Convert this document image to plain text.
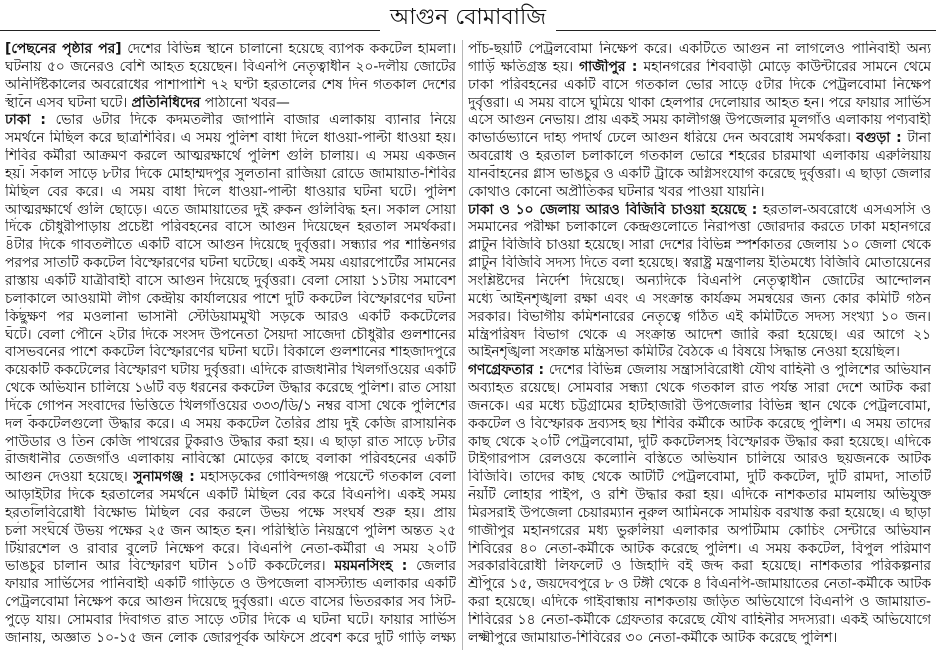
আগুন বোমাবাজি
[পেছনের পৃষ্ঠার পর] দেশের বিভিন্ন স্থানে চালানো হয়েছে ব্যাপক ককটেল হামলা।
ঘটনায় ৫০ জনেরও বেশি আহত হয়েছেন। বিএনপি নেতৃত্বাধীন ২০-দলীয় জোটের
অনির্দিষ্টকালের অবরোধের পাশাপাশি ৭২ ঘণ্টা হরতালের শেষ দিন গতকাল দেশের
স্থানে এসব ঘটনা ঘটে। প্রতিনিধিদের পাঠানো খবর—
ঢাকা : ভোর ৬টার দিকে কদমতলীর জাপানি বাজার এলাকায় ব্যানার নিয়ে
সমর্থনে মিছিল করে ছাত্রশিবির। এ সময় পুলিশ বাধা দিলে ধাওয়া-পাল্টা ধাওয়া হয়।
শিবির কর্মীরা আক্রমণ করলে আত্মরক্ষার্থে পুলিশ গুলি চালায়। এ সময় একজন
হয়। সকাল সাড়ে ৮টার দিকে মোহাম্মদপুর সুলতানা রাজিয়া রোডে জামায়াত-শিবির
মিছিল বের করে। এ সময় বাধা দিলে ধাওয়া-পাল্টা ধাওয়ার ঘটনা ঘটে। পুলিশ
আত্মরক্ষার্থে গুলি ছোড়ে। এতে জামায়াতের দুই রুকন গুলিবিদ্ধ হন। সকাল সোয়া
দিকে চৌধুরীপাড়ায় প্রচেষ্টা পরিবহনের বাসে আগুন দিয়েছেন হরতাল সমর্থকরা।
৪টার দিকে গাবতলীতে একটি বাসে আগুন দিয়েছে দুর্বৃত্তরা। সন্ধ্যার পর শান্তিনগর
পরপর সাতটি ককটেল বিস্ফোরণের ঘটনা ঘটেছে। একই সময় এয়ারপোর্টের সামনের
রাস্তায় একটি যাত্রীবাহী বাসে আগুন দিয়েছে দুর্বৃত্তরা। বেলা সোয়া ১১টায় সমাবেশ
চলাকালে আওয়ামী লীগ কেন্দ্রীয় কার্যালয়ের পাশে দুটি ককটেল বিস্ফোরণের ঘটনা
কিছুক্ষণ পর মওলানা ভাসানী স্টেডিয়ামমুখী সড়কে আরও একটি ককটেলের
ঘটে। বেলা পৌনে ২টার দিকে সংসদ উপনেতা সৈয়দা সাজেদা চৌধুরীর গুলশানের
বাসভবনের পাশে ককটেল বিস্ফোরণের ঘটনা ঘটে। বিকালে গুলশানের শাহজাদপুরে
কয়েকটি ককটেলের বিস্ফোরণ ঘটায় দুর্বৃত্তরা। এদিকে রাজধানীর খিলগাঁওয়ের একটি
থেকে অভিযান চালিয়ে ১৬টি বড় ধরনের ককটেল উদ্ধার করেছে পুলিশ। রাত সোয়া
দিকে গোপন সংবাদের ভিত্তিতে খিলগাঁওয়ের ৩৩৩/ডি/১ নম্বর বাসা থেকে পুলিশের
দল ককটেলগুলো উদ্ধার করে। এ সময় ককটেল তৈরির প্রায় দুই কেজি রাসায়নিক
পাউডার ও তিন কেজি পাথরের টুকরাও উদ্ধার করা হয়। এ ছাড়া রাত সাড়ে ৮টার
রাজধানীর তেজগাঁও এলাকায় নাবিস্কো মোড়ের কাছে বলাকা পরিবহনের একটি
আগুন দেওয়া হয়েছে। সুনামগঞ্জ : মহাসড়কের গোবিন্দগঞ্জ পয়েন্টে গতকাল বেলা
আড়াইটার দিকে হরতালের সমর্থনে একটি মিছিল বের করে বিএনপি। একই সময়
হরতালবিরোধী বিক্ষোভ মিছিল বের করলে উভয় পক্ষে সংঘর্ষ শুরু হয়। প্রায়
চলা সংঘর্ষে উভয় পক্ষের ২৫ জন আহত হন। পরিস্থিতি নিয়ন্ত্রণে পুলিশ অন্তত ২৫
টিয়ারশেল ও রাবার বুলেট নিক্ষেপ করে। বিএনপি নেতা-কর্মীরা এ সময় ২০টি
ভাঙচুর চালান আর বিস্ফোরণ ঘটান ১০টি ককটেলের। ময়মনসিংহ : জেলার
ফায়ার সার্ভিসের পানিবাহী একটি গাড়িতে ও উপজেলা বাসস্ট্যান্ড এলাকার একটি
পেট্রলবোমা নিক্ষেপ করে আগুন দিয়েছে দুর্বৃত্তরা। এতে বাসের ভিতরকার সব সিট-
পুড়ে যায়। সোমবার দিবাগত রাত সাড়ে ৩টার দিকে এ ঘটনা ঘটে। ফায়ার সার্ভিস
জানায়, অজ্ঞাত ১০-১৫ জন লোক জোরপূর্বক অফিসে প্রবেশ করে দুটি গাড়ি লক্ষ্য
পাঁচ-ছয়টি পেট্রলবোমা নিক্ষেপ করে। একটিতে আগুন না লাগলেও পানিবাহী অন্য
গাড়ি ক্ষতিগ্রস্ত হয়। গাজীপুর : মহানগরের শিববাড়ী মোড়ে কাউন্টারের সামনে থেমে
ঢাকা পরিবহনের একটি বাসে গতকাল ভোর সাড়ে ৫টার দিকে পেট্রলবোমা নিক্ষেপ
দুর্বৃত্তরা। এ সময় বাসে ঘুমিয়ে থাকা হেলপার দেলোয়ার আহত হন। পরে ফায়ার সার্ভিস
এসে আগুন নেভায়। প্রায় একই সময় কালীগঞ্জ উপজেলার মূলগাঁও এলাকায় পণ্যবাহী
কাভার্ডভ্যানে দাহ্য পদার্থ ঢেলে আগুন ধরিয়ে দেন অবরোধ সমর্থকরা। বগুড়া : টানা
অবরোধ ও হরতাল চলাকালে গতকাল ভোরে শহরের চারমাথা এলাকায় এরুলিয়ায়
যানবাহনের গ্লাস ভাঙচুর ও একটি ট্রাকে অগ্নিসংযোগ করেছে দুর্বৃত্তরা। এ ছাড়া জেলার
কোথাও কোনো অপ্রীতিকর ঘটনার খবর পাওয়া যায়নি।
ঢাকা ও ১০ জেলায় আরও বিজিবি চাওয়া হয়েছে : হরতাল-অবরোধে এসএসসি ও
সমমানের পরীক্ষা চলাকালে কেন্দ্রগুলোতে নিরাপত্তা জোরদার করতে ঢাকা মহানগরে
প্লাটুন বিজিবি চাওয়া হয়েছে। সারা দেশের বিভিন্ন স্পর্শকাতর জেলায় ১০ জেলা থেকে
প্লাটুন বিজিবি সদস্য দিতে বলা হয়েছে। স্বরাষ্ট্র মন্ত্রণালয় ইতিমধ্যে বিজিবি মোতায়েনের
সংশ্লিষ্টদের নির্দেশ দিয়েছে। অন্যদিকে বিএনপি নেতৃত্বাধীন জোটের আন্দোলন
মধ্যে আইনশৃঙ্খলা রক্ষা এবং এ সংক্রান্ত কার্যক্রম সমন্বয়ের জন্য কোর কমিটি গঠন
সরকার। বিভাগীয় কমিশনারের নেতৃত্বে গঠিত এই কমিটিতে সদস্য সংখ্যা ১০ জন।
মন্ত্রিপরিষদ বিভাগ থেকে এ সংক্রান্ত আদেশ জারি করা হয়েছে। এর আগে ২১
আইনশৃঙ্খলা সংক্রান্ত মন্ত্রিসভা কমিটির বৈঠকে এ বিষয়ে সিদ্ধান্ত নেওয়া হয়েছিল।
গণগ্রেফতার : দেশের বিভিন্ন জেলায় সন্ত্রাসবিরোধী যৌথ বাহিনী ও পুলিশের অভিযান
অব্যাহত রয়েছে। সোমবার সন্ধ্যা থেকে গতকাল রাত পর্যন্ত সারা দেশে আটক করা
জনকে। এর মধ্যে চট্টগ্রামের হাটহাজারী উপজেলার বিভিন্ন স্থান থেকে পেট্রলবোমা,
ককটেল ও বিস্ফোরক দ্রব্যসহ ছয় শিবির কর্মীকে আটক করেছে পুলিশ। এ সময় তাদের
কাছ থেকে ২০টি পেট্রলবোমা, দুটি ককটেলসহ বিস্ফোরক উদ্ধার করা হয়েছে। এদিকে
টাইগারপাস রেলওয়ে কলোনি বস্তিতে অভিযান চালিয়ে আরও ছয়জনকে আটক
বিজিবি। তাদের কাছ থেকে আটটি পেট্রলবোমা, দুটি ককটেল, দুটি রামদা, সাতটি
নয়টি লোহার পাইপ, ও রশি উদ্ধার করা হয়। এদিকে নাশকতার মামলায় অভিযুক্ত
মিরসরাই উপজেলা চেয়ারম্যান নুরুল আমিনকে সাময়িক বরখাস্ত করা হয়েছে। এ ছাড়া
গাজীপুর মহানগরের মধ্য ভুরুলিয়া এলাকার অপটিমাম কোচিং সেন্টারে অভিযান
শিবিরের ৪০ নেতা-কর্মীকে আটক করেছে পুলিশ। এ সময় ককটেল, বিপুল পরিমাণ
সরকারবিরোধী লিফলেট ও জিহাদি বই জব্দ করা হয়েছে। নাশকতার পরিকল্পনার
শ্রীপুরে ১৫, জয়দেবপুরে ৮ ও টঙ্গী থেকে ৪ বিএনপি-জামায়াতের নেতা-কর্মীকে আটক
করা হয়েছে। এদিকে গাইবান্ধায় নাশকতায় জড়িত অভিযোগে বিএনপি ও জামায়াত-
শিবিরের ১৪ নেতা-কর্মীকে গ্রেফতার করেছে যৌথ বাহিনীর সদস্যরা। একই অভিযোগে
লক্ষ্মীপুরে জামায়াত-শিবিরের ৩০ নেতা-কর্মীকে আটক করেছে পুলিশ।
